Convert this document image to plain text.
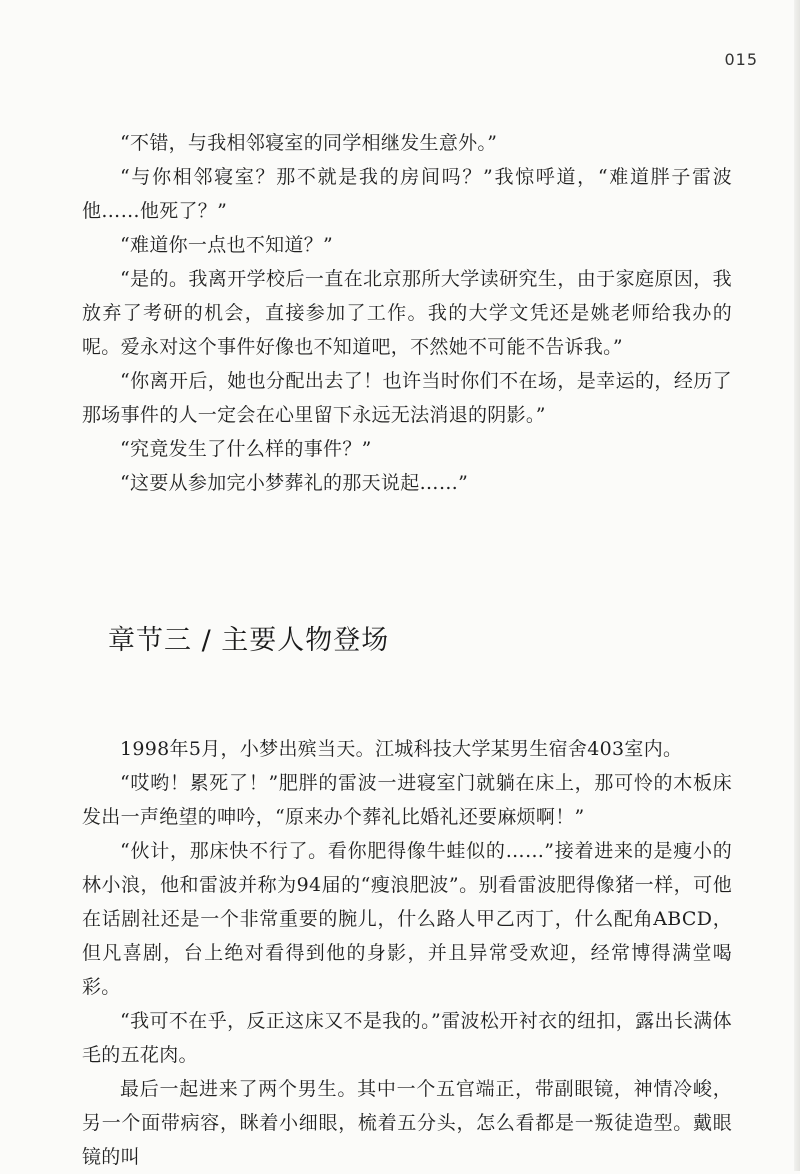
015

“不错，与我相邻寝室的同学相继发生意外。”

“与你相邻寝室？那不就是我的房间吗？”我惊呼道，“难道胖子雷波他……他死了？”

“难道你一点也不知道？”

“是的。我离开学校后一直在北京那所大学读研究生，由于家庭原因，我放弃了考研的机会，直接参加了工作。我的大学文凭还是姚老师给我办的呢。爱永对这个事件好像也不知道吧，不然她不可能不告诉我。”

“你离开后，她也分配出去了！也许当时你们不在场，是幸运的，经历了那场事件的人一定会在心里留下永远无法消退的阴影。”

“究竟发生了什么样的事件？”

“这要从参加完小梦葬礼的那天说起……”

章节三 / 主要人物登场

1998年5月，小梦出殡当天。江城科技大学某男生宿舍403室内。

“哎哟！累死了！”肥胖的雷波一进寝室门就躺在床上，那可怜的木板床发出一声绝望的呻吟，“原来办个葬礼比婚礼还要麻烦啊！”

“伙计，那床快不行了。看你肥得像牛蛙似的……”接着进来的是瘦小的林小浪，他和雷波并称为94届的“瘦浪肥波”。别看雷波肥得像猪一样，可他在话剧社还是一个非常重要的腕儿，什么路人甲乙丙丁，什么配角ABCD，但凡喜剧，台上绝对看得到他的身影，并且异常受欢迎，经常博得满堂喝彩。

“我可不在乎，反正这床又不是我的。”雷波松开衬衣的纽扣，露出长满体毛的五花肉。

最后一起进来了两个男生。其中一个五官端正，带副眼镜，神情冷峻，另一个面带病容，眯着小细眼，梳着五分头，怎么看都是一叛徒造型。戴眼镜的叫
